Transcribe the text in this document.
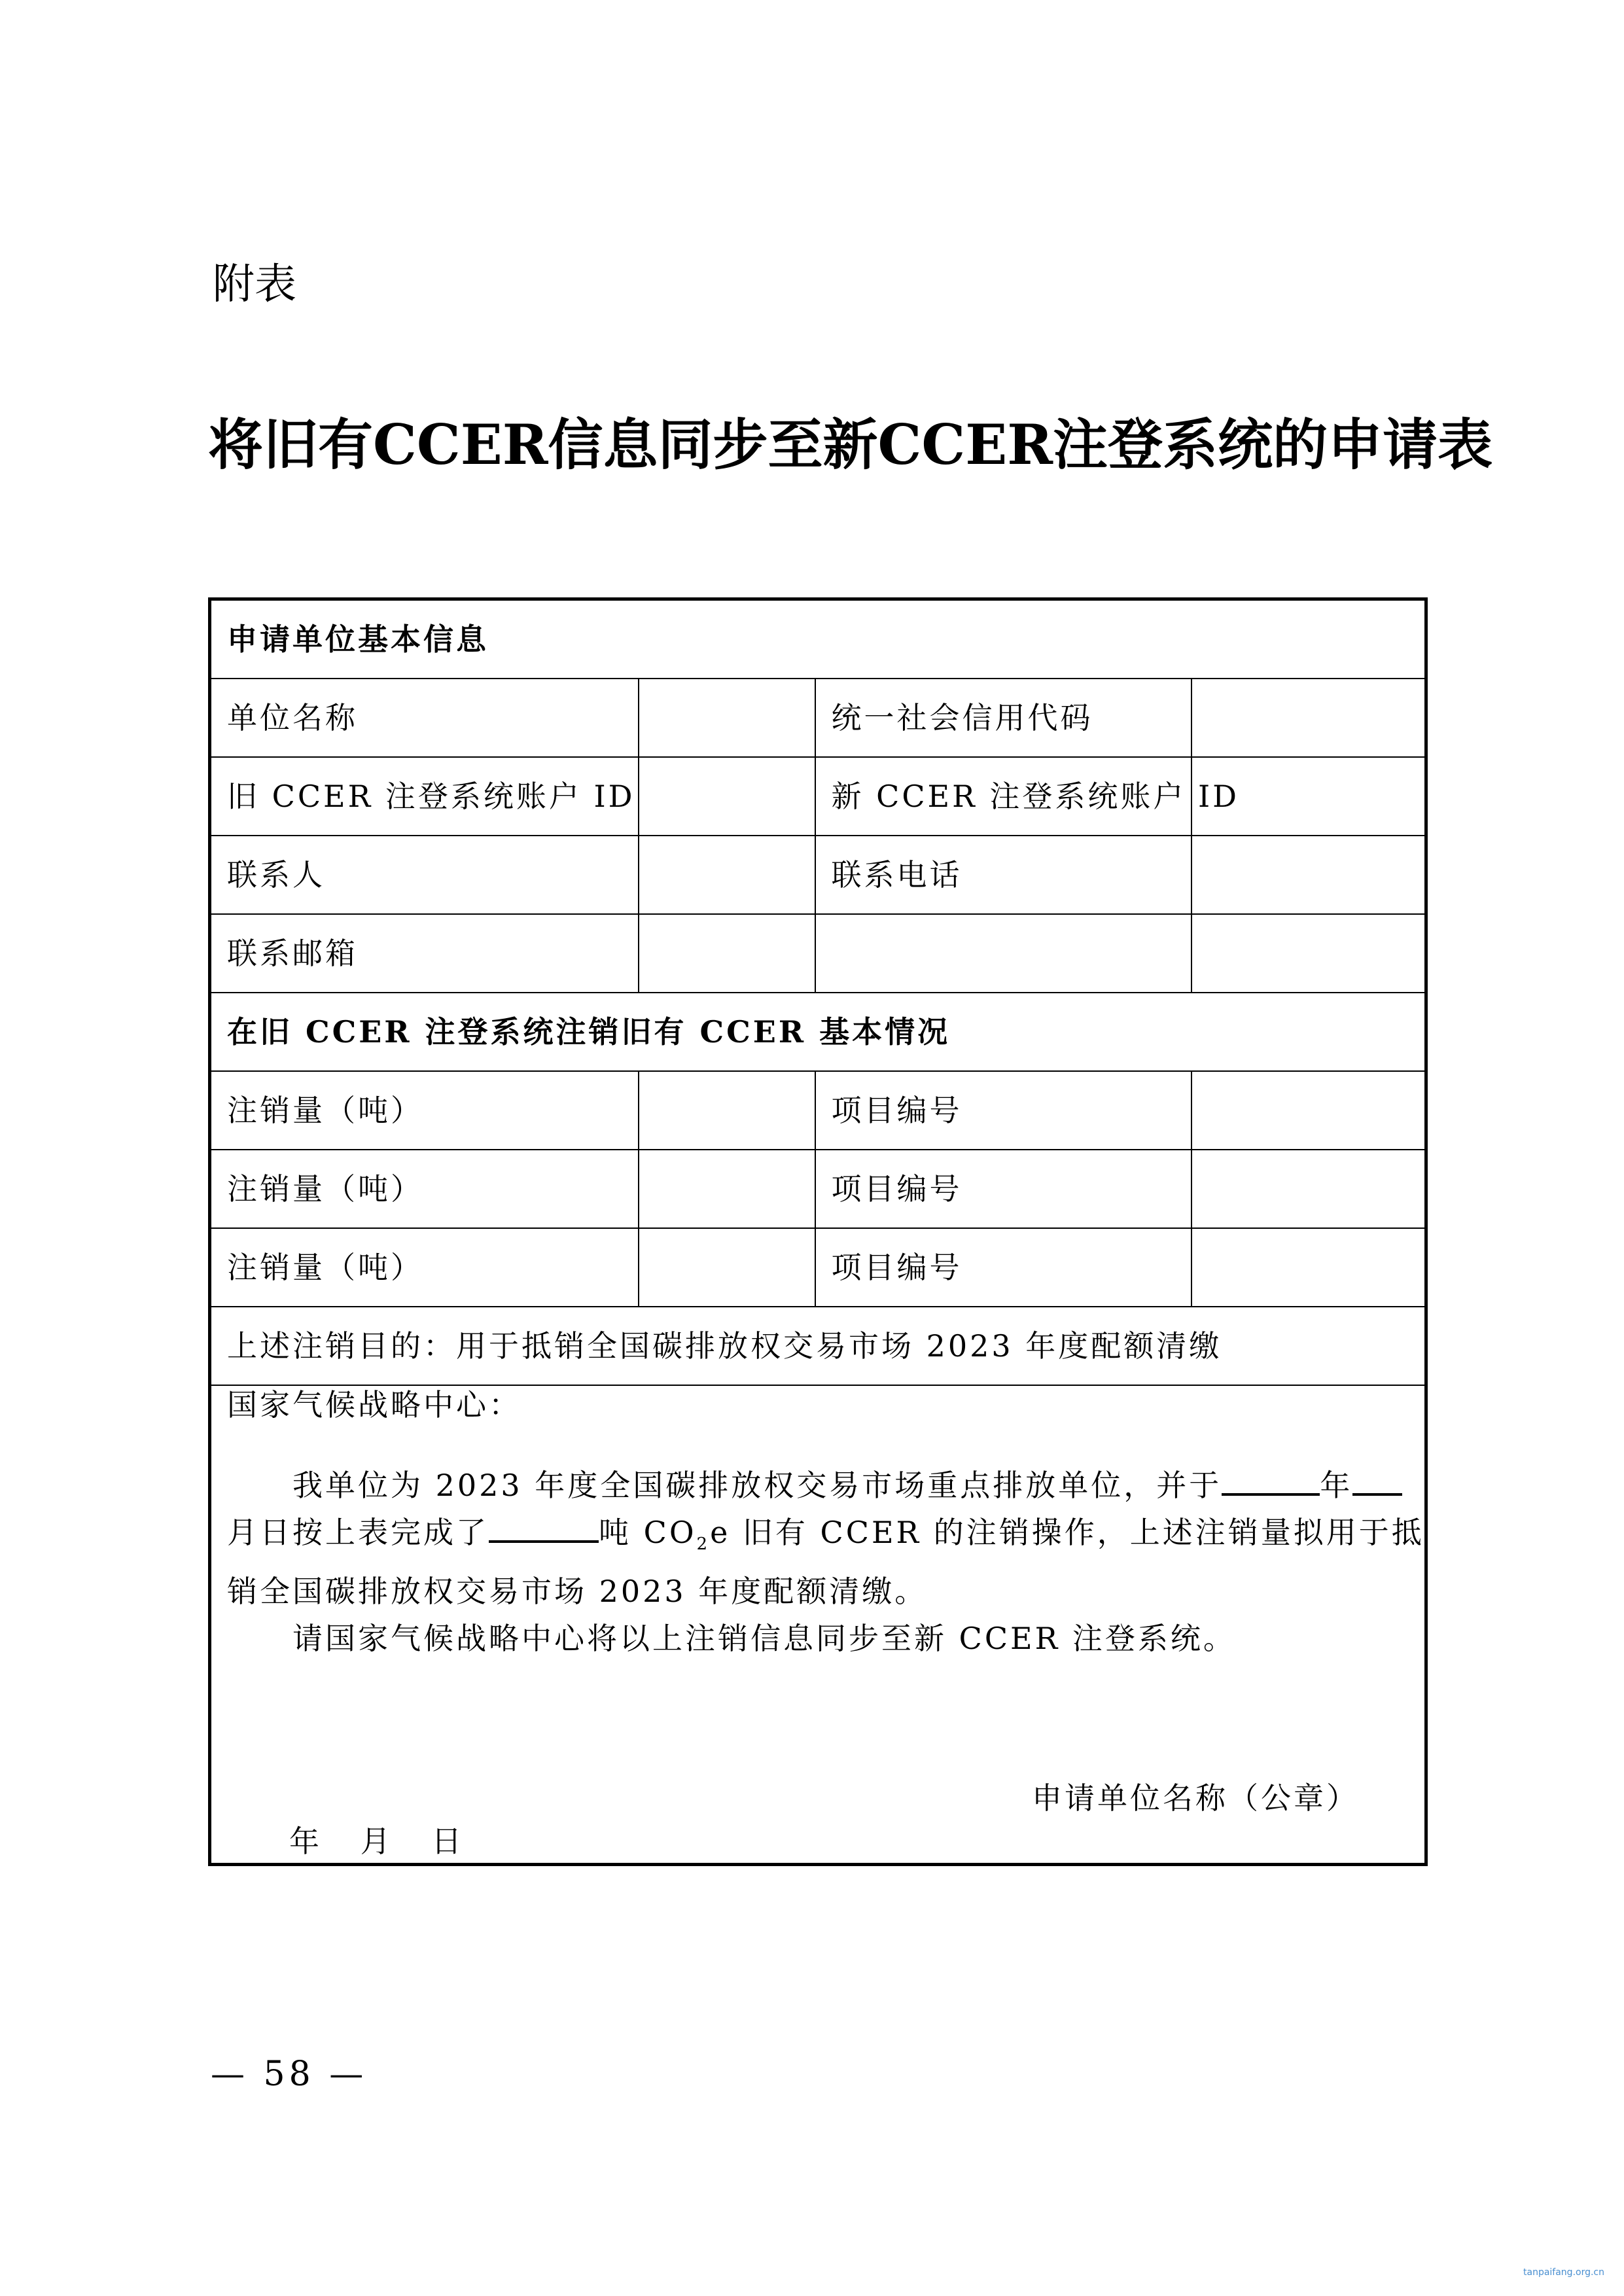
附表
将旧有CCER信息同步至新CCER注登系统的申请表
申请单位基本信息			
单位名称		统一社会信用代码	
旧 CCER 注登系统账户 ID		新 CCER 注登系统账户 ID	
联系人		联系电话	
联系邮箱			
在旧 CCER 注登系统注销旧有 CCER 基本情况			
注销量（吨）		项目编号	
注销量（吨）		项目编号	
注销量（吨）		项目编号	
上述注销目的：用于抵销全国碳排放权交易市场 2023 年度配额清缴			

国家气候战略中心：

我单位为 2023 年度全国碳排放权交易市场重点排放单位，并于 年月日按上表完成了 吨 $CO_2e$ 旧有 CCER 的注销操作，上述注销量拟用于抵销全国碳排放权交易市场 2023 年度配额清缴。

请国家气候战略中心将以上注销信息同步至新 CCER 注登系统。

申请单位名称（公章）
年 月 日			
— 58 —
tanpaifang.org.cn
